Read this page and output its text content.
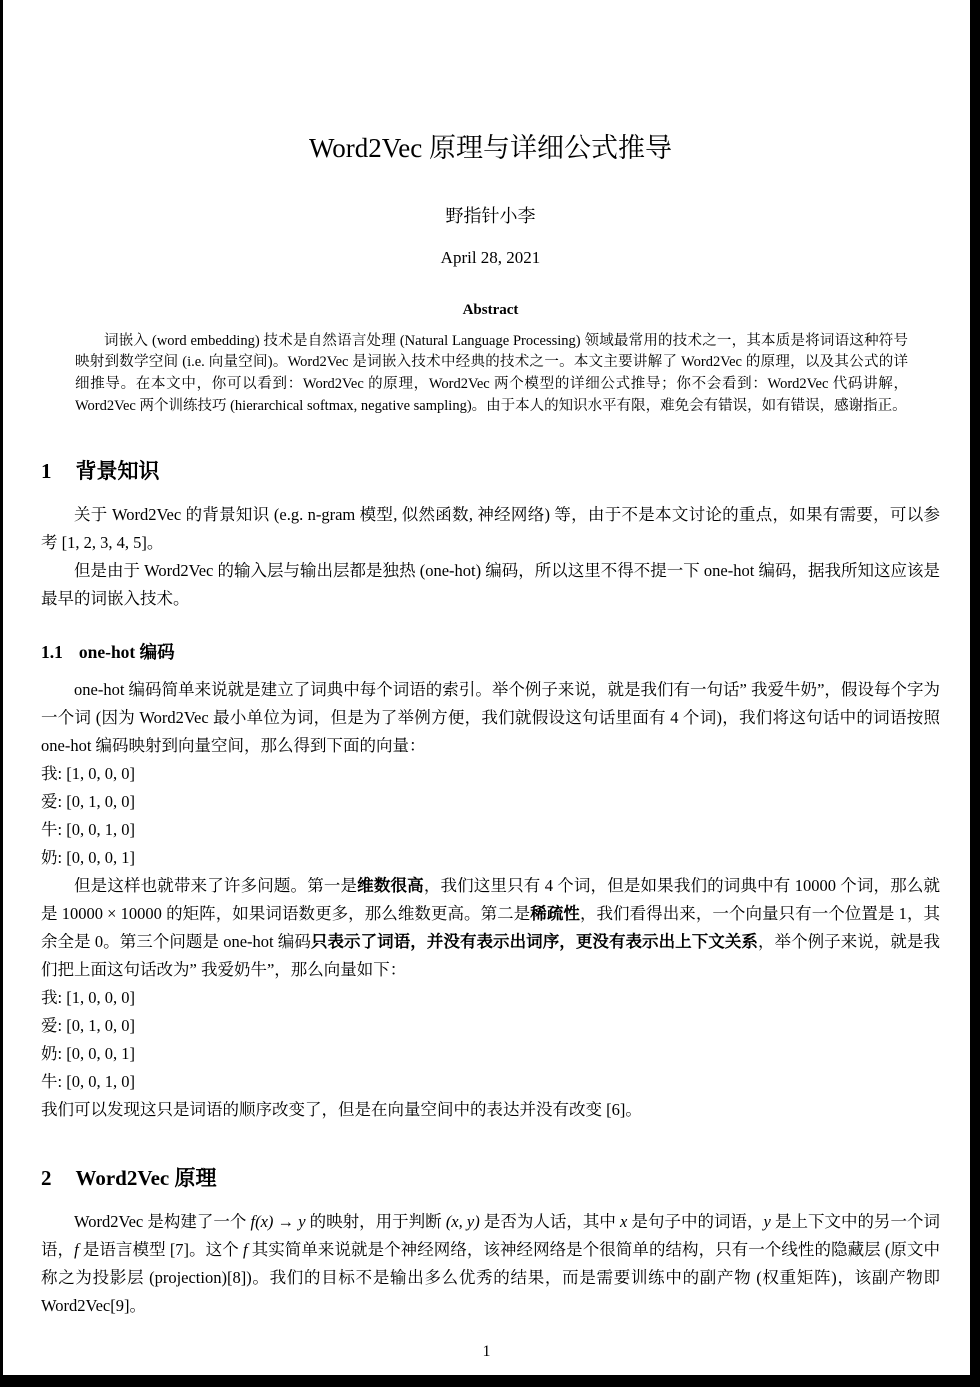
Word2Vec 原理与详细公式推导
野指针小李
April 28, 2021
Abstract

词嵌入 (word embedding) 技术是自然语言处理 (Natural Language Processing) 领域最常用的技术之一，其本质是将词语这种符号映射到数学空间 (i.e. 向量空间)。Word2Vec 是词嵌入技术中经典的技术之一。本文主要讲解了 Word2Vec 的原理，以及其公式的详细推导。在本文中，你可以看到：Word2Vec 的原理，Word2Vec 两个模型的详细公式推导；你不会看到：Word2Vec 代码讲解，Word2Vec 两个训练技巧 (hierarchical softmax, negative sampling)。由于本人的知识水平有限，难免会有错误，如有错误，感谢指正。

1 背景知识

关于 Word2Vec 的背景知识 (e.g. n-gram 模型, 似然函数, 神经网络) 等，由于不是本文讨论的重点，如果有需要，可以参考 [1, 2, 3, 4, 5]。

但是由于 Word2Vec 的输入层与输出层都是独热 (one-hot) 编码，所以这里不得不提一下 one-hot 编码，据我所知这应该是最早的词嵌入技术。

1.1 one-hot 编码

one-hot 编码简单来说就是建立了词典中每个词语的索引。举个例子来说，就是我们有一句话” 我爱牛奶”，假设每个字为一个词 (因为 Word2Vec 最小单位为词，但是为了举例方便，我们就假设这句话里面有 4 个词)，我们将这句话中的词语按照 one-hot 编码映射到向量空间，那么得到下面的向量：

我: [1, 0, 0, 0]
爱: [0, 1, 0, 0]
牛: [0, 0, 1, 0]
奶: [0, 0, 0, 1]

但是这样也就带来了许多问题。第一是维数很高，我们这里只有 4 个词，但是如果我们的词典中有 10000 个词，那么就是 10000 × 10000 的矩阵，如果词语数更多，那么维数更高。第二是稀疏性，我们看得出来，一个向量只有一个位置是 1，其余全是 0。第三个问题是 one-hot 编码只表示了词语，并没有表示出词序，更没有表示出上下文关系，举个例子来说，就是我们把上面这句话改为” 我爱奶牛”，那么向量如下：

我: [1, 0, 0, 0]
爱: [0, 1, 0, 0]
奶: [0, 0, 0, 1]
牛: [0, 0, 1, 0]

我们可以发现这只是词语的顺序改变了，但是在向量空间中的表达并没有改变 [6]。

2 Word2Vec 原理

Word2Vec 是构建了一个 f(x) → y 的映射，用于判断 (x, y) 是否为人话，其中 x 是句子中的词语，y 是上下文中的另一个词语，f 是语言模型 [7]。这个 f 其实简单来说就是个神经网络，该神经网络是个很简单的结构，只有一个线性的隐藏层 (原文中称之为投影层 (projection)[8])。我们的目标不是输出多么优秀的结果，而是需要训练中的副产物 (权重矩阵)，该副产物即 Word2Vec[9]。

1
